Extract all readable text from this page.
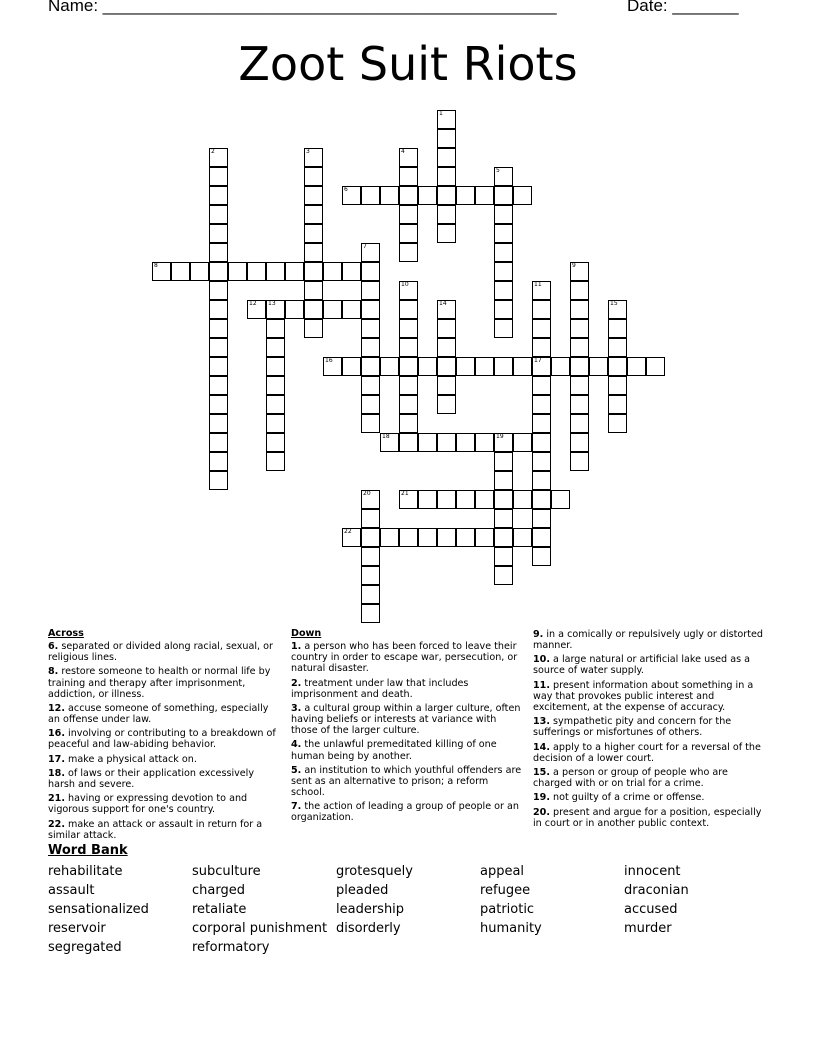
Name: ________________________________________________	Date: _______
Zoot Suit Riots
1
2	3	4
5
6
7
8	9
10	11
17
12 13	14	15
16
18	19
20	21
22
Across
6. separated or divided along racial, sexual, or religious lines.
8. restore someone to health or normal life by training and therapy after imprisonment, addiction, or illness.
12. accuse someone of something, especially an offense under law.
16. involving or contributing to a breakdown of peaceful and law-abiding behavior.
17. make a physical attack on.
18. of laws or their application excessively harsh and severe.
21. having or expressing devotion to and vigorous support for one's country.
22. make an attack or assault in return for a similar attack.
Down
1. a person who has been forced to leave their country in order to escape war, persecution, or natural disaster.
2. treatment under law that includes imprisonment and death.
3. a cultural group within a larger culture, often having beliefs or interests at variance with those of the larger culture.
4. the unlawful premeditated killing of one human being by another.
5. an institution to which youthful offenders are sent as an alternative to prison; a reform school.
7. the action of leading a group of people or an organization.
9. in a comically or repulsively ugly or distorted manner.
10. a large natural or artificial lake used as a source of water supply.
11. present information about something in a way that provokes public interest and excitement, at the expense of accuracy.
13. sympathetic pity and concern for the sufferings or misfortunes of others.
14. apply to a higher court for a reversal of the decision of a lower court.
15. a person or group of people who are charged with or on trial for a crime.
19. not guilty of a crime or offense.
20. present and argue for a position, especially in court or in another public context.
Word Bank
rehabilitate
assault
sensationalized
reservoir
segregated
subculture
charged
retaliate
corporal punishment
reformatory
grotesquely
pleaded
leadership
disorderly
appeal
refugee
patriotic
humanity
innocent
draconian
accused
murder
